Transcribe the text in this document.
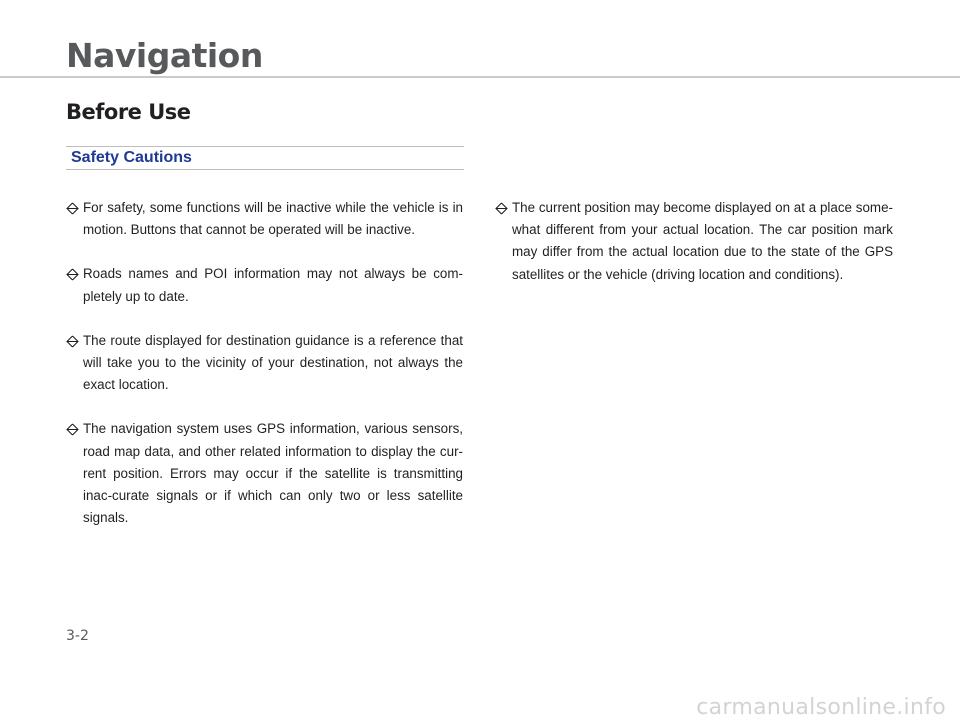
Navigation
Before Use
Safety Cautions

For safety, some functions will be inactive while the vehicle is in motion. Buttons that cannot be operated will be inactive.

Roads names and POI information may not always be com-pletely up to date.

The route displayed for destination guidance is a reference that will take you to the vicinity of your destination, not always the exact location.

The navigation system uses GPS information, various sensors, road map data, and other related information to display the cur-rent position. Errors may occur if the satellite is transmitting inac-curate signals or if which can only two or less satellite signals.

The current position may become displayed on at a place some-what different from your actual location. The car position mark may differ from the actual location due to the state of the GPS satellites or the vehicle (driving location and conditions).

3-2
carmanualsonline.info
